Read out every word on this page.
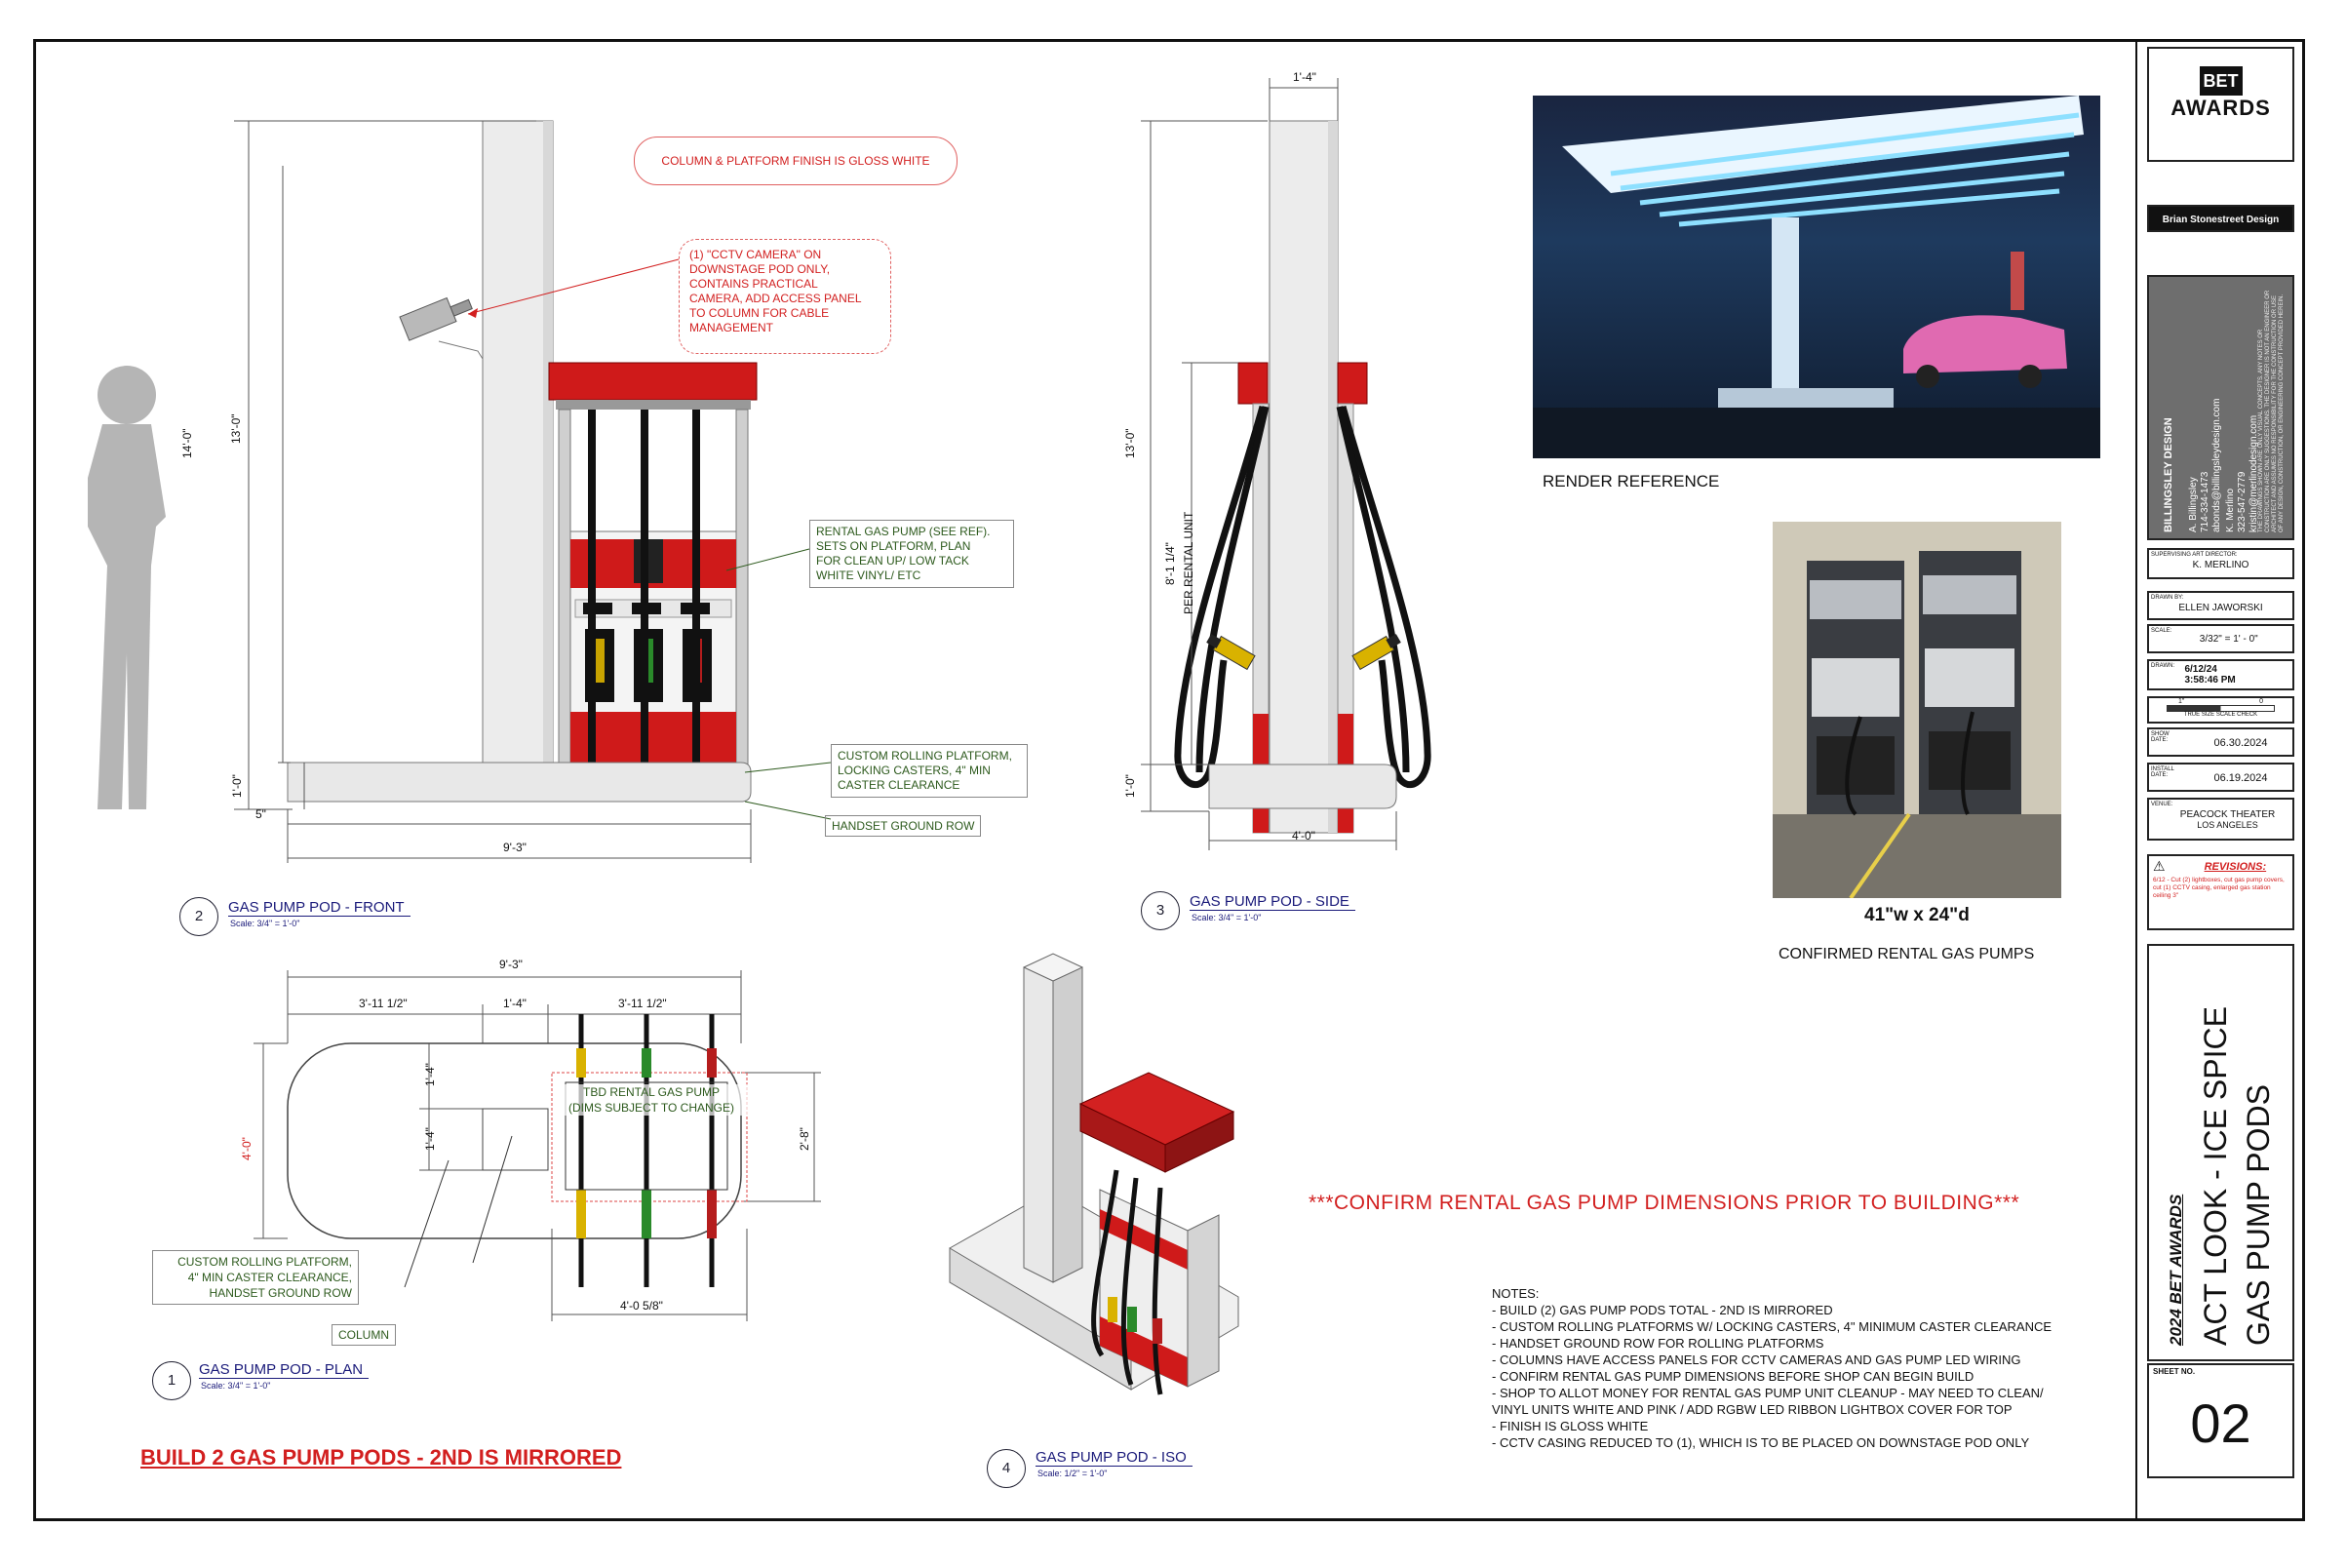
14'-0"	13'-0"
1'-0"
5"
9'-3"
COLUMN & PLATFORM FINISH IS GLOSS WHITE
(1) "CCTV CAMERA" ON
DOWNSTAGE POD ONLY,
CONTAINS PRACTICAL
CAMERA, ADD ACCESS PANEL
TO COLUMN FOR CABLE
MANAGEMENT
RENTAL GAS PUMP (SEE REF).
SETS ON PLATFORM, PLAN
FOR CLEAN UP/ LOW TACK
WHITE VINYL/ ETC
CUSTOM ROLLING PLATFORM,
LOCKING CASTERS, 4" MIN
CASTER CLEARANCE
HANDSET GROUND ROW
2
GAS PUMP POD - FRONT
Scale: 3/4" = 1'-0"
1'-4"
13'-0"
8'-1 1/4" PER RENTAL UNIT
1'-0"
4'-0"
3
GAS PUMP POD - SIDE
Scale: 3/4" = 1'-0"
9'-3"
3'-11 1/2"	1'-4"	3'-11 1/2"
4'-0"
1'-4"
1'-4"	2'-8"
4'-0 5/8"
TBD RENTAL GAS PUMP
(DIMS SUBJECT TO CHANGE)
CUSTOM ROLLING PLATFORM,
4" MIN CASTER CLEARANCE,
HANDSET GROUND ROW
COLUMN
1
GAS PUMP POD - PLAN
Scale: 3/4" = 1'-0"
4
GAS PUMP POD - ISO
Scale: 1/2" = 1'-0"
RENDER REFERENCE
41"w x 24"d
CONFIRMED RENTAL GAS PUMPS
***CONFIRM RENTAL GAS PUMP DIMENSIONS PRIOR TO BUILDING***
BUILD 2 GAS PUMP PODS - 2ND IS MIRRORED
NOTES:
- BUILD (2) GAS PUMP PODS TOTAL - 2ND IS MIRRORED
- CUSTOM ROLLING PLATFORMS W/ LOCKING CASTERS, 4" MINIMUM CASTER CLEARANCE
- HANDSET GROUND ROW FOR ROLLING PLATFORMS
- COLUMNS HAVE ACCESS PANELS FOR CCTV CAMERAS AND GAS PUMP LED WIRING
- CONFIRM RENTAL GAS PUMP DIMENSIONS BEFORE SHOP CAN BEGIN BUILD
- SHOP TO ALLOT MONEY FOR RENTAL GAS PUMP UNIT CLEANUP - MAY NEED TO CLEAN/
VINYL UNITS WHITE AND PINK / ADD RGBW LED RIBBON LIGHTBOX COVER FOR TOP
- FINISH IS GLOSS WHITE
- CCTV CASING REDUCED TO (1), WHICH IS TO BE PLACED ON DOWNSTAGE POD ONLY
BET
AWARDS
Brian Stonestreet Design
BILLINGSLEY DESIGN A. Billingsley 714-334-1473 abonds@billingsleydesign.com K. Merlino 323-547-2779 kristin@merlinodesign.com THE DRAWINGS SHOWN ARE ONLY VISUAL CONCEPTS. ANY NOTES OR CONSTRUCTION ARE ONLY SUGGESTIONS. THE DESIGNER IS NOT AN ENGINEER OR ARCHITECT AND ASSUMES NO RESPONSIBILITY FOR THE CONSTRUCTION OR USE OF ANY DESIGN, CONSTRUCTION, OR ENGINEERING CONCEPT PROVIDED HEREIN.
SUPERVISING ART DIRECTOR:
K. MERLINO
DRAWN BY:
ELLEN JAWORSKI
SCALE: 3/32" = 1' - 0"
DRAWN: 6/12/24
3:58:46 PM
1"	0
TRUE SIZE SCALE CHECK
SHOW DATE:	06.30.2024
INSTALL DATE:	06.19.2024
VENUE:
PEACOCK THEATER
LOS ANGELES
⚠	REVISIONS:
6/12 - Cut (2) lightboxes, cut gas pump covers, cut (1) CCTV casing, enlarged gas station ceiling 3"
2024 BET AWARDS ACT LOOK - ICE SPICE GAS PUMP PODS
SHEET NO.
02
